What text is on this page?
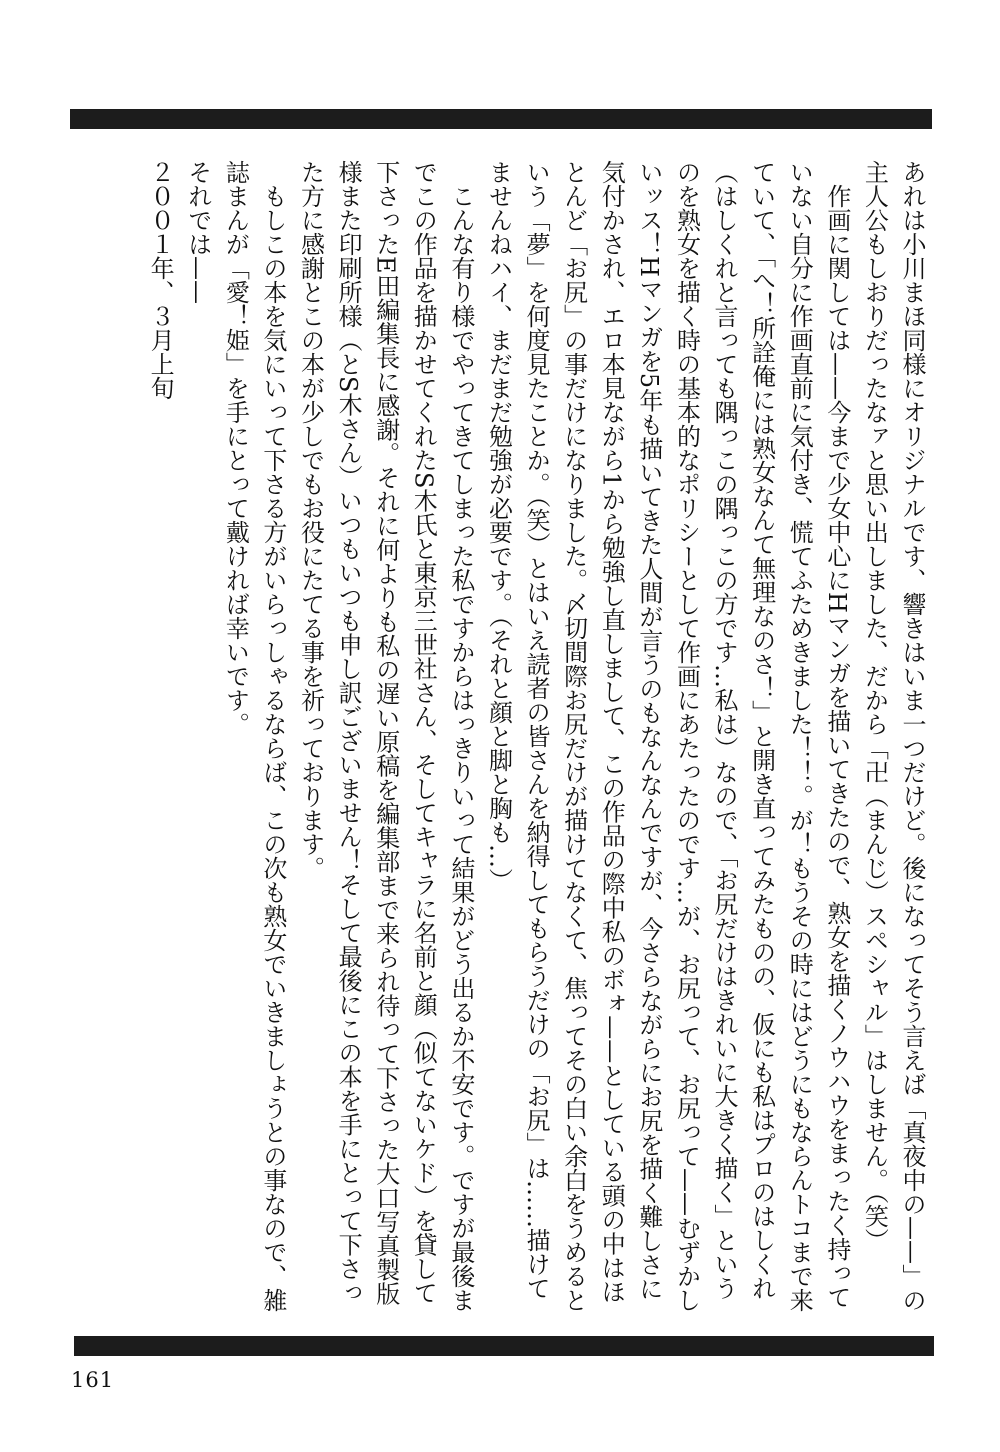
あれは小川まほ同様にオリジナルです、響きはいま一つだけど。後になってそう言えば「真夜中の——」の主人公もしおりだったなァと思い出しました、だから「卍（まんじ）スペシャル」はしません。（笑）

作画に関しては——今まで少女中心にHマンガを描いてきたので、熟女を描くノウハウをまったく持っていない自分に作画直前に気付き、慌てふためきました！！。が！もうその時にはどうにもならんトコまで来ていて、「へ！所詮俺には熟女なんて無理なのさ！」と開き直ってみたものの、仮にも私はプロのはしくれ（はしくれと言っても隅っこの隅っこの方です…私は）なので、「お尻だけはきれいに大きく描く」というのを熟女を描く時の基本的なポリシーとして作画にあたったのです…が、お尻って、お尻って——むずかしいッス！Hマンガを5年も描いてきた人間が言うのもなんなんですが、今さらながらにお尻を描く難しさに気付かされ、エロ本見ながら1から勉強し直しまして、この作品の際中私のボォ——としている頭の中はほとんど「お尻」の事だけになりました。〆切間際お尻だけが描けてなくて、焦ってその白い余白をうめるという「夢」を何度見たことか。（笑）とはいえ読者の皆さんを納得してもらうだけの「お尻」は……描けてませんねハイ、まだまだ勉強が必要です。（それと顔と脚と胸も…）

こんな有り様でやってきてしまった私ですからはっきりいって結果がどう出るか不安です。ですが最後までこの作品を描かせてくれたS木氏と東京三世社さん、そしてキャラに名前と顔（似てないケド）を貸して下さったE田編集長に感謝。それに何よりも私の遅い原稿を編集部まで来られ待って下さった大口写真製版様また印刷所様（とS木さん）いつもいつも申し訳ございません！そして最後にこの本を手にとって下さった方に感謝とこの本が少しでもお役にたてる事を祈っております。

もしこの本を気にいって下さる方がいらっしゃるならば、この次も熟女でいきましょうとの事なので、雑誌まんが「愛！姫」を手にとって戴ければ幸いです。

それでは——

２００１年、３月上旬

161
